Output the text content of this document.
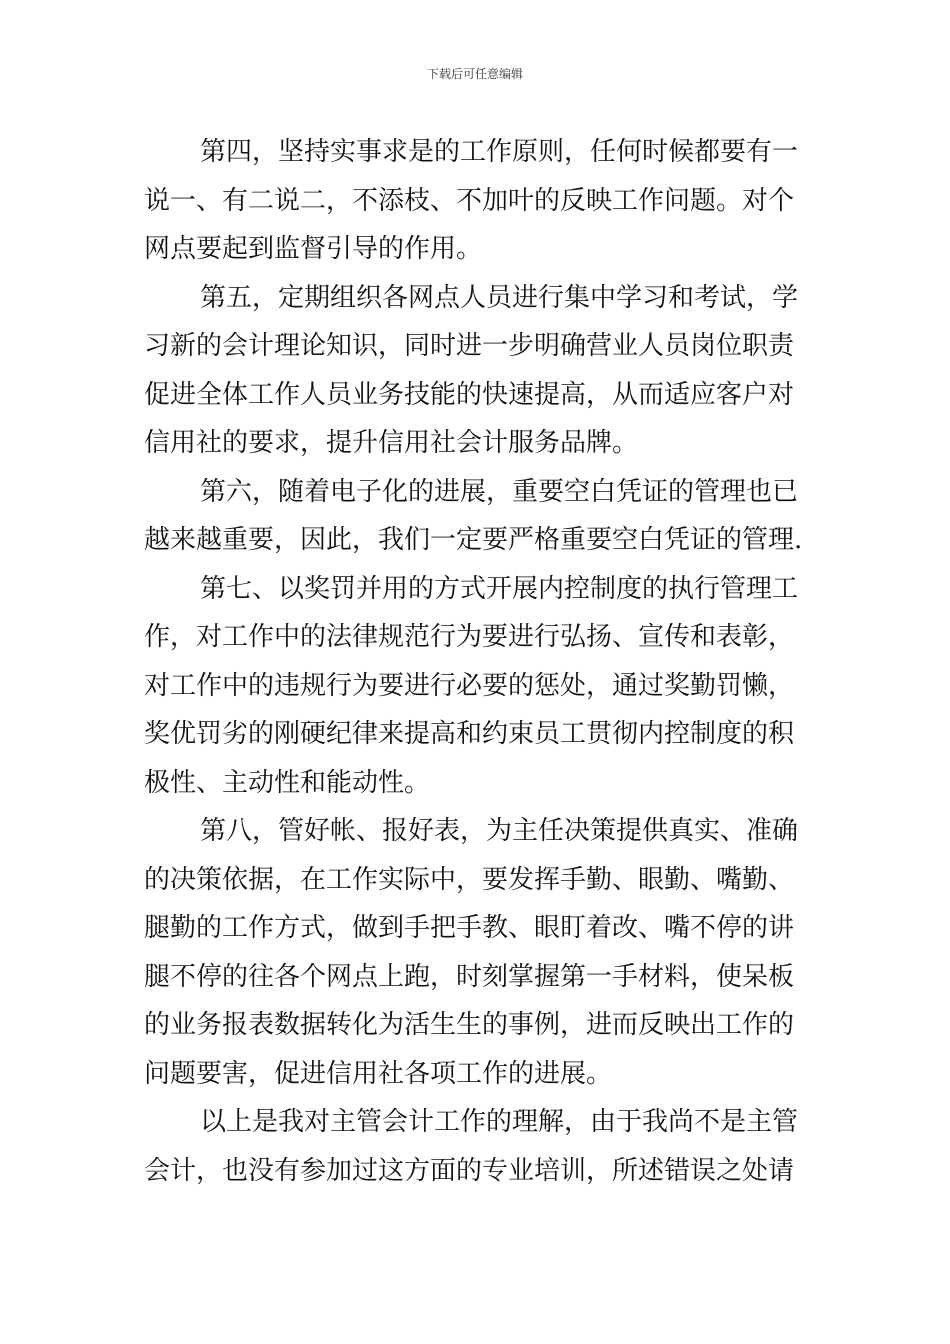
下载后可任意编辑
第四，坚持实事求是的工作原则，任何时候都要有一
说一、有二说二，不添枝、不加叶的反映工作问题。对个
网点要起到监督引导的作用。
第五，定期组织各网点人员进行集中学习和考试，学
习新的会计理论知识，同时进一步明确营业人员岗位职责
促进全体工作人员业务技能的快速提高，从而适应客户对
信用社的要求，提升信用社会计服务品牌。
第六，随着电子化的进展，重要空白凭证的管理也已
越来越重要，因此，我们一定要严格重要空白凭证的管理.
第七、以奖罚并用的方式开展内控制度的执行管理工
作，对工作中的法律规范行为要进行弘扬、宣传和表彰，
对工作中的违规行为要进行必要的惩处，通过奖勤罚懒，
奖优罚劣的刚硬纪律来提高和约束员工贯彻内控制度的积
极性、主动性和能动性。
第八，管好帐、报好表，为主任决策提供真实、准确
的决策依据，在工作实际中，要发挥手勤、眼勤、嘴勤、
腿勤的工作方式，做到手把手教、眼盯着改、嘴不停的讲
腿不停的往各个网点上跑，时刻掌握第一手材料，使呆板
的业务报表数据转化为活生生的事例，进而反映出工作的
问题要害，促进信用社各项工作的进展。
以上是我对主管会计工作的理解，由于我尚不是主管
会计，也没有参加过这方面的专业培训，所述错误之处请
